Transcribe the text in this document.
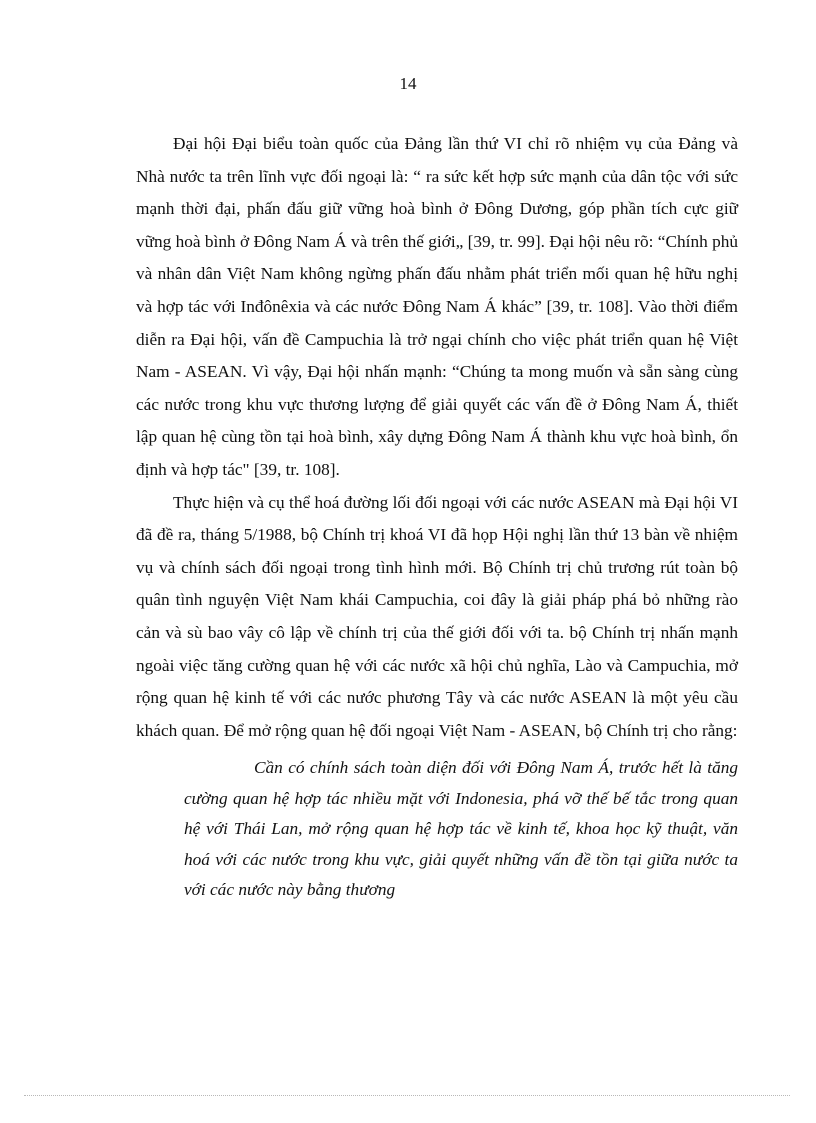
14

Đại hội Đại biểu toàn quốc của Đảng lần thứ VI chỉ rõ nhiệm vụ của Đảng và Nhà nước ta trên lĩnh vực đối ngoại là: “ ra sức kết hợp sức mạnh của dân tộc với sức mạnh thời đại, phấn đấu giữ vững hoà bình ở Đông Dương, góp phần tích cực giữ vững hoà bình ở Đông Nam Á và trên thế giới„ [39, tr. 99]. Đại hội nêu rõ: “Chính phủ và nhân dân Việt Nam không ngừng phấn đấu nhằm phát triển mối quan hệ hữu nghị và hợp tác với Inđônêxia và các nước Đông Nam Á khác” [39, tr. 108]. Vào thời điểm diễn ra Đại hội, vấn đề Campuchia là trở ngại chính cho việc phát triển quan hệ Việt Nam - ASEAN. Vì vậy, Đại hội nhấn mạnh: “Chúng ta mong muốn và sẵn sàng cùng các nước trong khu vực thương lượng để giải quyết các vấn đề ở Đông Nam Á, thiết lập quan hệ cùng tồn tại hoà bình, xây dựng Đông Nam Á thành khu vực hoà bình, ổn định và hợp tác" [39, tr. 108].

Thực hiện và cụ thể hoá đường lối đối ngoại với các nước ASEAN mà Đại hội VI đã đề ra, tháng 5/1988, bộ Chính trị khoá VI đã họp Hội nghị lần thứ 13 bàn về nhiệm vụ và chính sách đối ngoại trong tình hình mới. Bộ Chính trị chủ trương rút toàn bộ quân tình nguyện Việt Nam khái Campuchia, coi đây là giải pháp phá bỏ những rào cản và sù bao vây cô lập về chính trị của thế giới đối với ta. bộ Chính trị nhấn mạnh ngoài việc tăng cường quan hệ với các nước xã hội chủ nghĩa, Lào và Campuchia, mở rộng quan hệ kinh tế với các nước phương Tây và các nước ASEAN là một yêu cầu khách quan. Để mở rộng quan hệ đối ngoại Việt Nam - ASEAN, bộ Chính trị cho rằng:

Cần có chính sách toàn diện đối với Đông Nam Á, trước hết là tăng cường quan hệ hợp tác nhiều mặt với Indonesia, phá vỡ thế bế tắc trong quan hệ với Thái Lan, mở rộng quan hệ hợp tác về kinh tế, khoa học kỹ thuật, văn hoá với các nước trong khu vực, giải quyết những vấn đề tồn tại giữa nước ta với các nước này bằng thương
